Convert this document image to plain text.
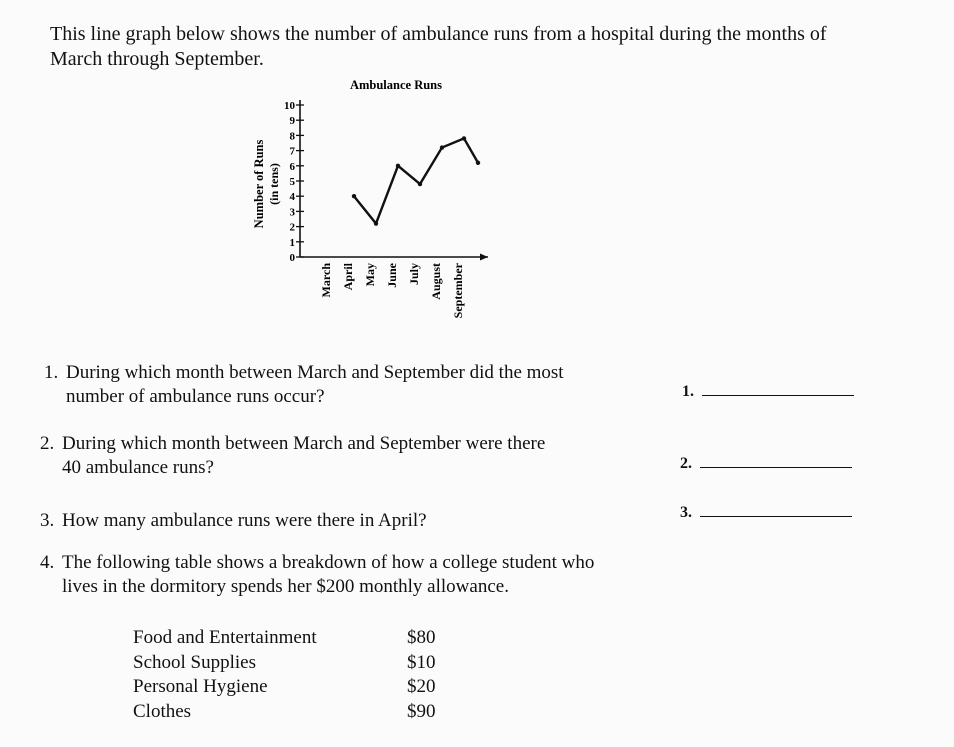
This line graph below shows the number of ambulance runs from a hospital during the months of
March through September.
Ambulance Runs
Number of Runs (in tens)
0
1
2
3
4
5
6
7
8
9
10
March April May June July August September
1. During which month between March and September did the most
number of ambulance runs occur?
2. During which month between March and September were there
40 ambulance runs?
3. How many ambulance runs were there in April?
4. The following table shows a breakdown of how a college student who
lives in the dormitory spends her $200 monthly allowance.
1.
2.
3.
Food and Entertainment	$80
School Supplies	$10
Personal Hygiene	$20
Clothes	$90
